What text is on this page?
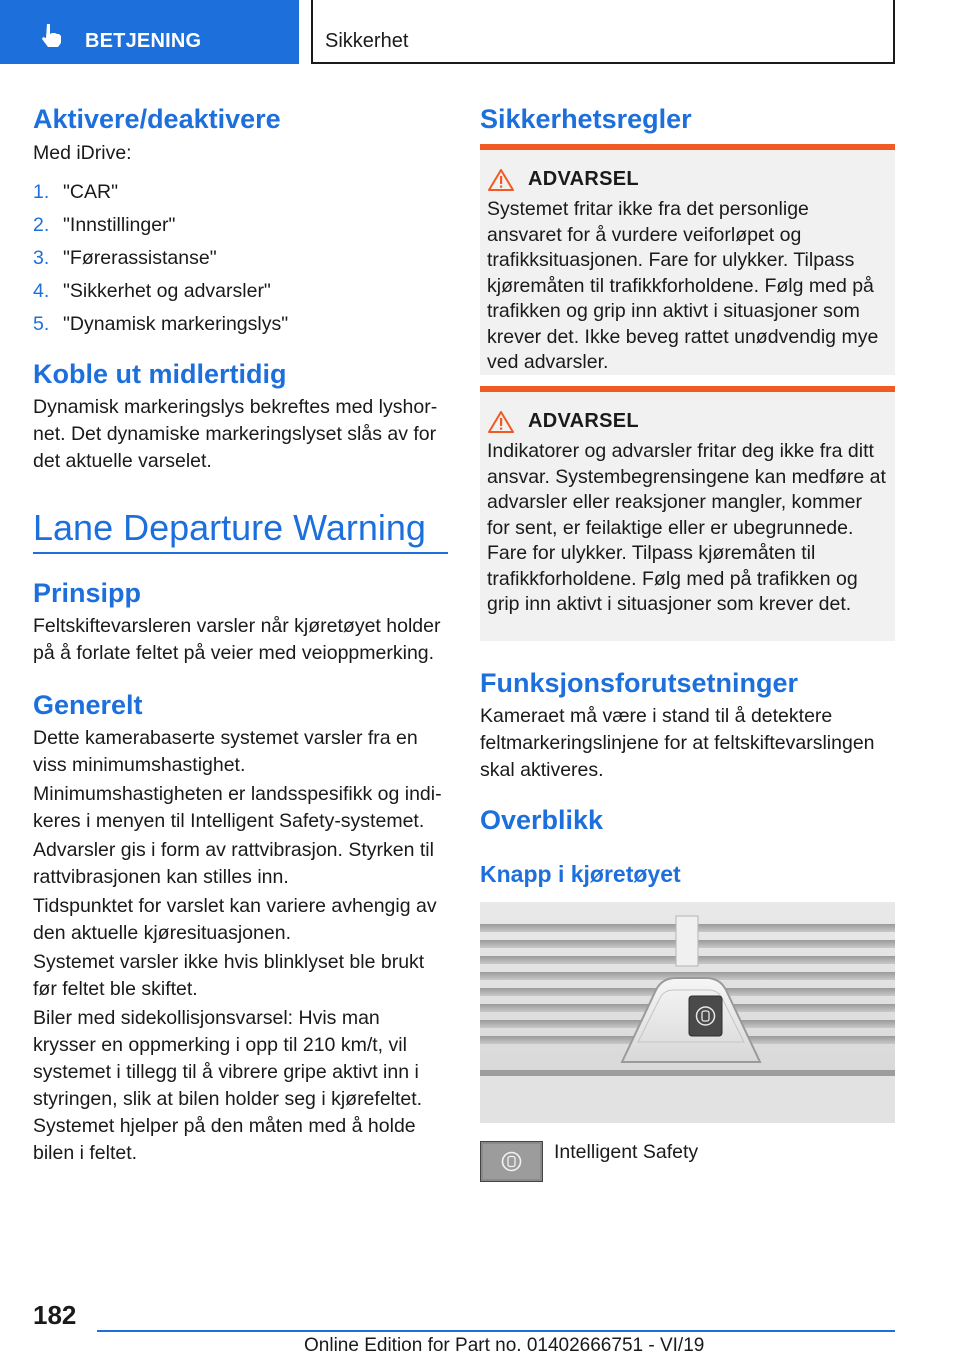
BETJENING	Sikkerhet
Aktivere/deaktivere
Med iDrive:
1. "CAR"
2. "Innstillinger"
3. "Førerassistanse"
4. "Sikkerhet og advarsler"
5. "Dynamisk markeringslys"
Koble ut midlertidig
Dynamisk markeringslys bekreftes med lyshornet. Det dynamiske markeringslyset slås av for det aktuelle varselet.
Lane Departure Warning
Prinsipp
Feltskiftevarsleren varsler når kjøretøyet holder på å forlate feltet på veier med veioppmerking.
Generelt
Dette kamerabaserte systemet varsler fra en viss minimumshastighet.
Minimumshastigheten er landsspesifikk og indikeres i menyen til Intelligent Safety-systemet.
Advarsler gis i form av rattvibrasjon. Styrken til rattvibrasjonen kan stilles inn.
Tidspunktet for varslet kan variere avhengig av den aktuelle kjøresituasjonen.
Systemet varsler ikke hvis blinklyset ble brukt før feltet ble skiftet.
Biler med sidekollisjonsvarsel: Hvis man krysser en oppmerking i opp til 210 km/t, vil systemet i tillegg til å vibrere gripe aktivt inn i styringen, slik at bilen holder seg i kjørefeltet. Systemet hjelper på den måten med å holde bilen i feltet.
Sikkerhetsregler
ADVARSEL
Systemet fritar ikke fra det personlige ansvaret for å vurdere veiforløpet og trafikksituasjonen. Fare for ulykker. Tilpass kjøremåten til trafikkforholdene. Følg med på trafikken og grip inn aktivt i situasjoner som krever det. Ikke beveg rattet unødvendig mye ved advarsler.
ADVARSEL
Indikatorer og advarsler fritar deg ikke fra ditt ansvar. Systembegrensingene kan medføre at advarsler eller reaksjoner mangler, kommer for sent, er feilaktige eller er ubegrunnede. Fare for ulykker. Tilpass kjøremåten til trafikkforholdene. Følg med på trafikken og grip inn aktivt i situasjoner som krever det.
Funksjonsforutsetninger
Kameraet må være i stand til å detektere feltmarkeringslinjene for at feltskiftevarslingen skal aktiveres.
Overblikk
Knapp i kjøretøyet
Intelligent Safety
182
Online Edition for Part no. 01402666751 - VI/19
